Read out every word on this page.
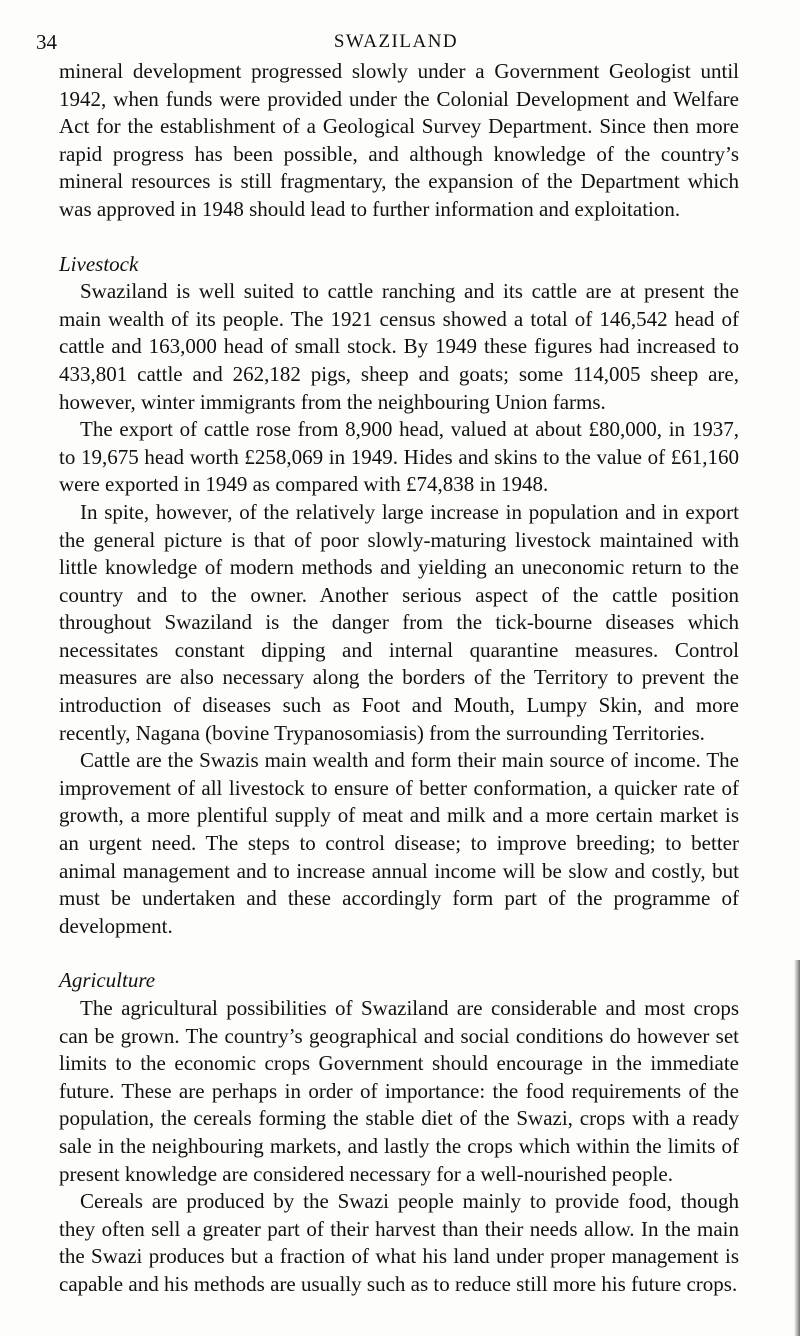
34	SWAZILAND

mineral development progressed slowly under a Government Geologist until 1942, when funds were provided under the Colonial Development and Welfare Act for the establishment of a Geological Survey Department. Since then more rapid progress has been possible, and although knowledge of the country’s mineral resources is still fragmentary, the expansion of the Department which was approved in 1948 should lead to further information and exploitation.

Livestock

Swaziland is well suited to cattle ranching and its cattle are at present the main wealth of its people. The 1921 census showed a total of 146,542 head of cattle and 163,000 head of small stock. By 1949 these figures had increased to 433,801 cattle and 262,182 pigs, sheep and goats; some 114,005 sheep are, however, winter immigrants from the neighbouring Union farms.

The export of cattle rose from 8,900 head, valued at about £80,000, in 1937, to 19,675 head worth £258,069 in 1949. Hides and skins to the value of £61,160 were exported in 1949 as compared with £74,838 in 1948.

In spite, however, of the relatively large increase in population and in export the general picture is that of poor slowly-maturing livestock maintained with little knowledge of modern methods and yielding an uneconomic return to the country and to the owner. Another serious aspect of the cattle position throughout Swaziland is the danger from the tick-bourne diseases which necessitates constant dipping and internal quarantine measures. Control measures are also necessary along the borders of the Territory to prevent the introduction of diseases such as Foot and Mouth, Lumpy Skin, and more recently, Nagana (bovine Trypanosomiasis) from the surrounding Territories.

Cattle are the Swazis main wealth and form their main source of income. The improvement of all livestock to ensure of better conformation, a quicker rate of growth, a more plentiful supply of meat and milk and a more certain market is an urgent need. The steps to control disease; to improve breeding; to better animal management and to increase annual income will be slow and costly, but must be undertaken and these accordingly form part of the programme of development.

Agriculture

The agricultural possibilities of Swaziland are considerable and most crops can be grown. The country’s geographical and social conditions do however set limits to the economic crops Government should encourage in the immediate future. These are perhaps in order of importance: the food requirements of the population, the cereals forming the stable diet of the Swazi, crops with a ready sale in the neighbouring markets, and lastly the crops which within the limits of present knowledge are considered necessary for a well-nourished people.

Cereals are produced by the Swazi people mainly to provide food, though they often sell a greater part of their harvest than their needs allow. In the main the Swazi produces but a fraction of what his land under proper management is capable and his methods are usually such as to reduce still more his future crops.
